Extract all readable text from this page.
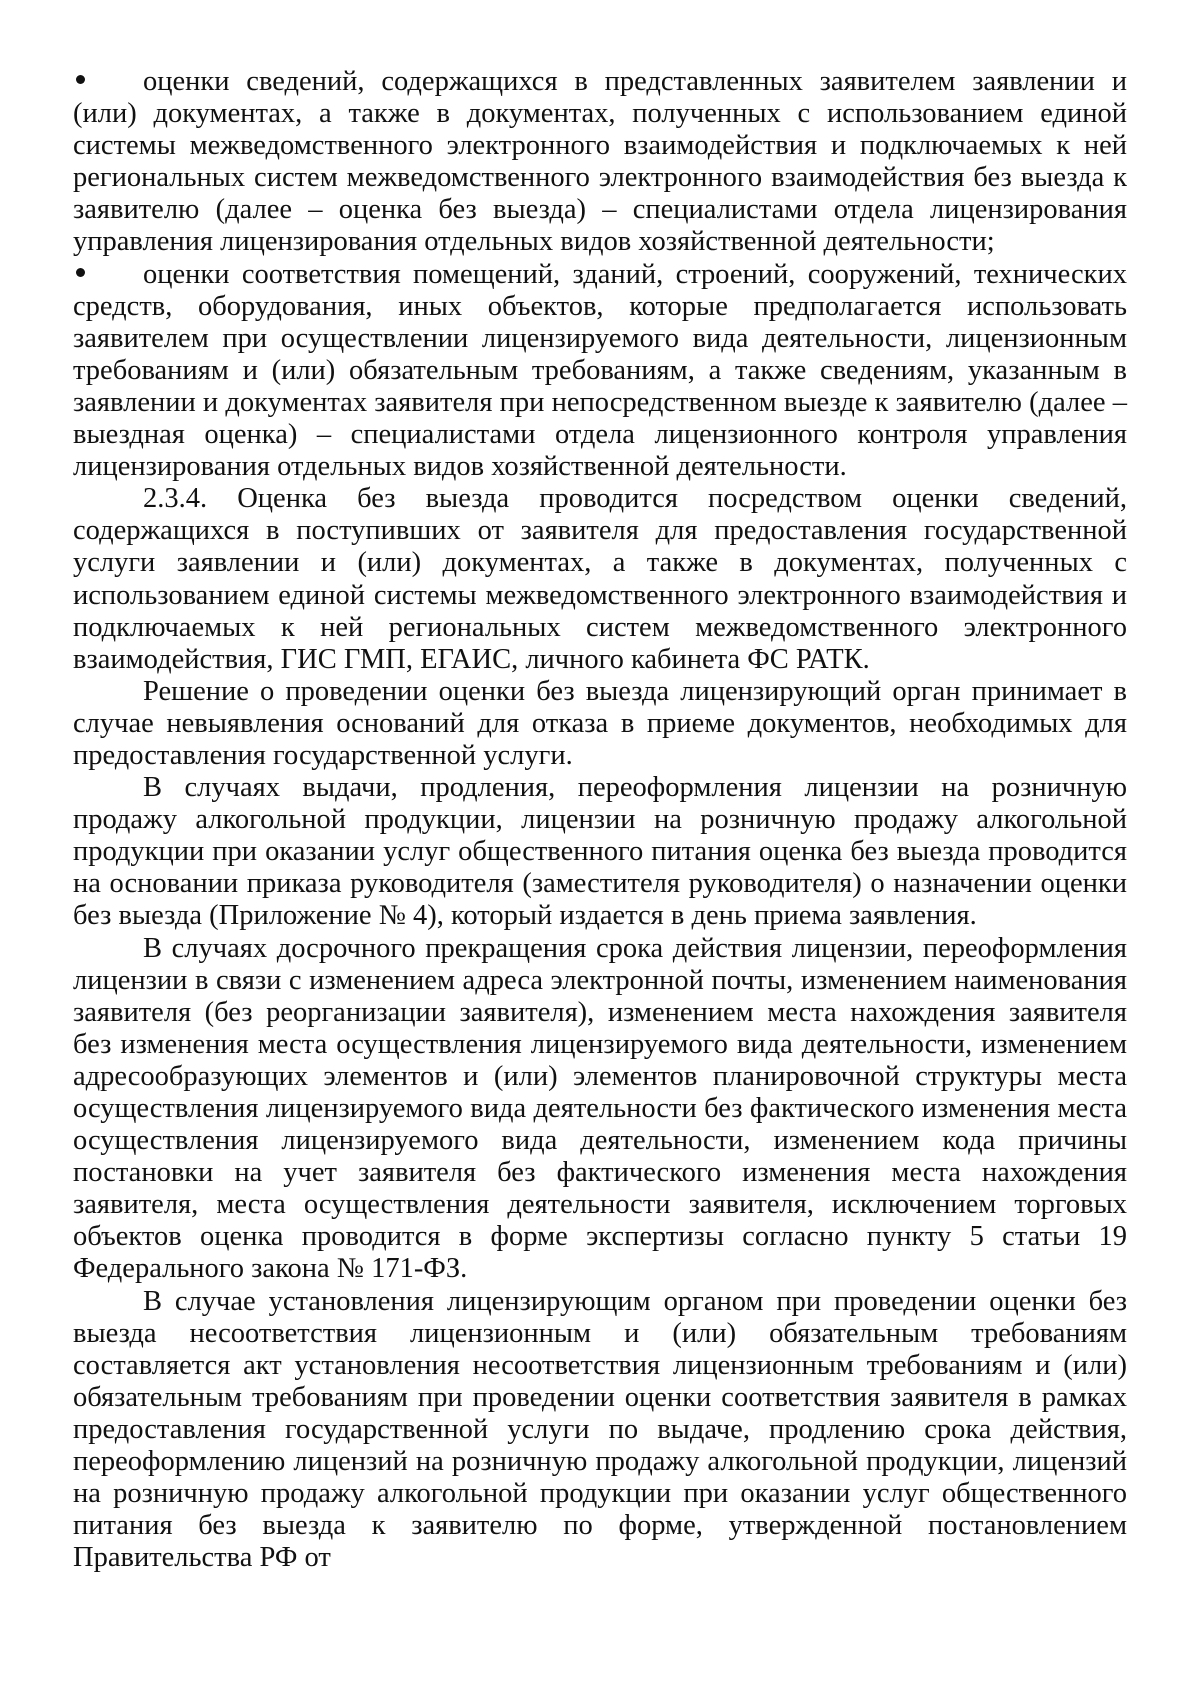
оценки сведений, содержащихся в представленных заявителем заявлении и (или) документах, а также в документах, полученных с использованием единой системы межведомственного электронного взаимодействия и подключаемых к ней региональных систем межведомственного электронного взаимодействия без выезда к заявителю (далее – оценка без выезда) – специалистами отдела лицензирования управления лицензирования отдельных видов хозяйственной деятельности;

оценки соответствия помещений, зданий, строений, сооружений, технических средств, оборудования, иных объектов, которые предполагается использовать заявителем при осуществлении лицензируемого вида деятельности, лицензионным требованиям и (или) обязательным требованиям, а также сведениям, указанным в заявлении и документах заявителя при непосредственном выезде к заявителю (далее – выездная оценка) – специалистами отдела лицензионного контроля управления лицензирования отдельных видов хозяйственной деятельности.

2.3.4. Оценка без выезда проводится посредством оценки сведений, содержащихся в поступивших от заявителя для предоставления государственной услуги заявлении и (или) документах, а также в документах, полученных с использованием единой системы межведомственного электронного взаимодействия и подключаемых к ней региональных систем межведомственного электронного взаимодействия, ГИС ГМП, ЕГАИС, личного кабинета ФС РАТК.

Решение о проведении оценки без выезда лицензирующий орган принимает в случае невыявления оснований для отказа в приеме документов, необходимых для предоставления государственной услуги.

В случаях выдачи, продления, переоформления лицензии на розничную продажу алкогольной продукции, лицензии на розничную продажу алкогольной продукции при оказании услуг общественного питания оценка без выезда проводится на основании приказа руководителя (заместителя руководителя) о назначении оценки без выезда (Приложение № 4), который издается в день приема заявления.

В случаях досрочного прекращения срока действия лицензии, переоформления лицензии в связи с изменением адреса электронной почты, изменением наименования заявителя (без реорганизации заявителя), изменением места нахождения заявителя без изменения места осуществления лицензируемого вида деятельности, изменением адресообразующих элементов и (или) элементов планировочной структуры места осуществления лицензируемого вида деятельности без фактического изменения места осуществления лицензируемого вида деятельности, изменением кода причины постановки на учет заявителя без фактического изменения места нахождения заявителя, места осуществления деятельности заявителя, исключением торговых объектов оценка проводится в форме экспертизы согласно пункту 5 статьи 19 Федерального закона № 171-ФЗ.

В случае установления лицензирующим органом при проведении оценки без выезда несоответствия лицензионным и (или) обязательным требованиям составляется акт установления несоответствия лицензионным требованиям и (или) обязательным требованиям при проведении оценки соответствия заявителя в рамках предоставления государственной услуги по выдаче, продлению срока действия, переоформлению лицензий на розничную продажу алкогольной продукции, лицензий на розничную продажу алкогольной продукции при оказании услуг общественного питания без выезда к заявителю по форме, утвержденной постановлением Правительства РФ от
